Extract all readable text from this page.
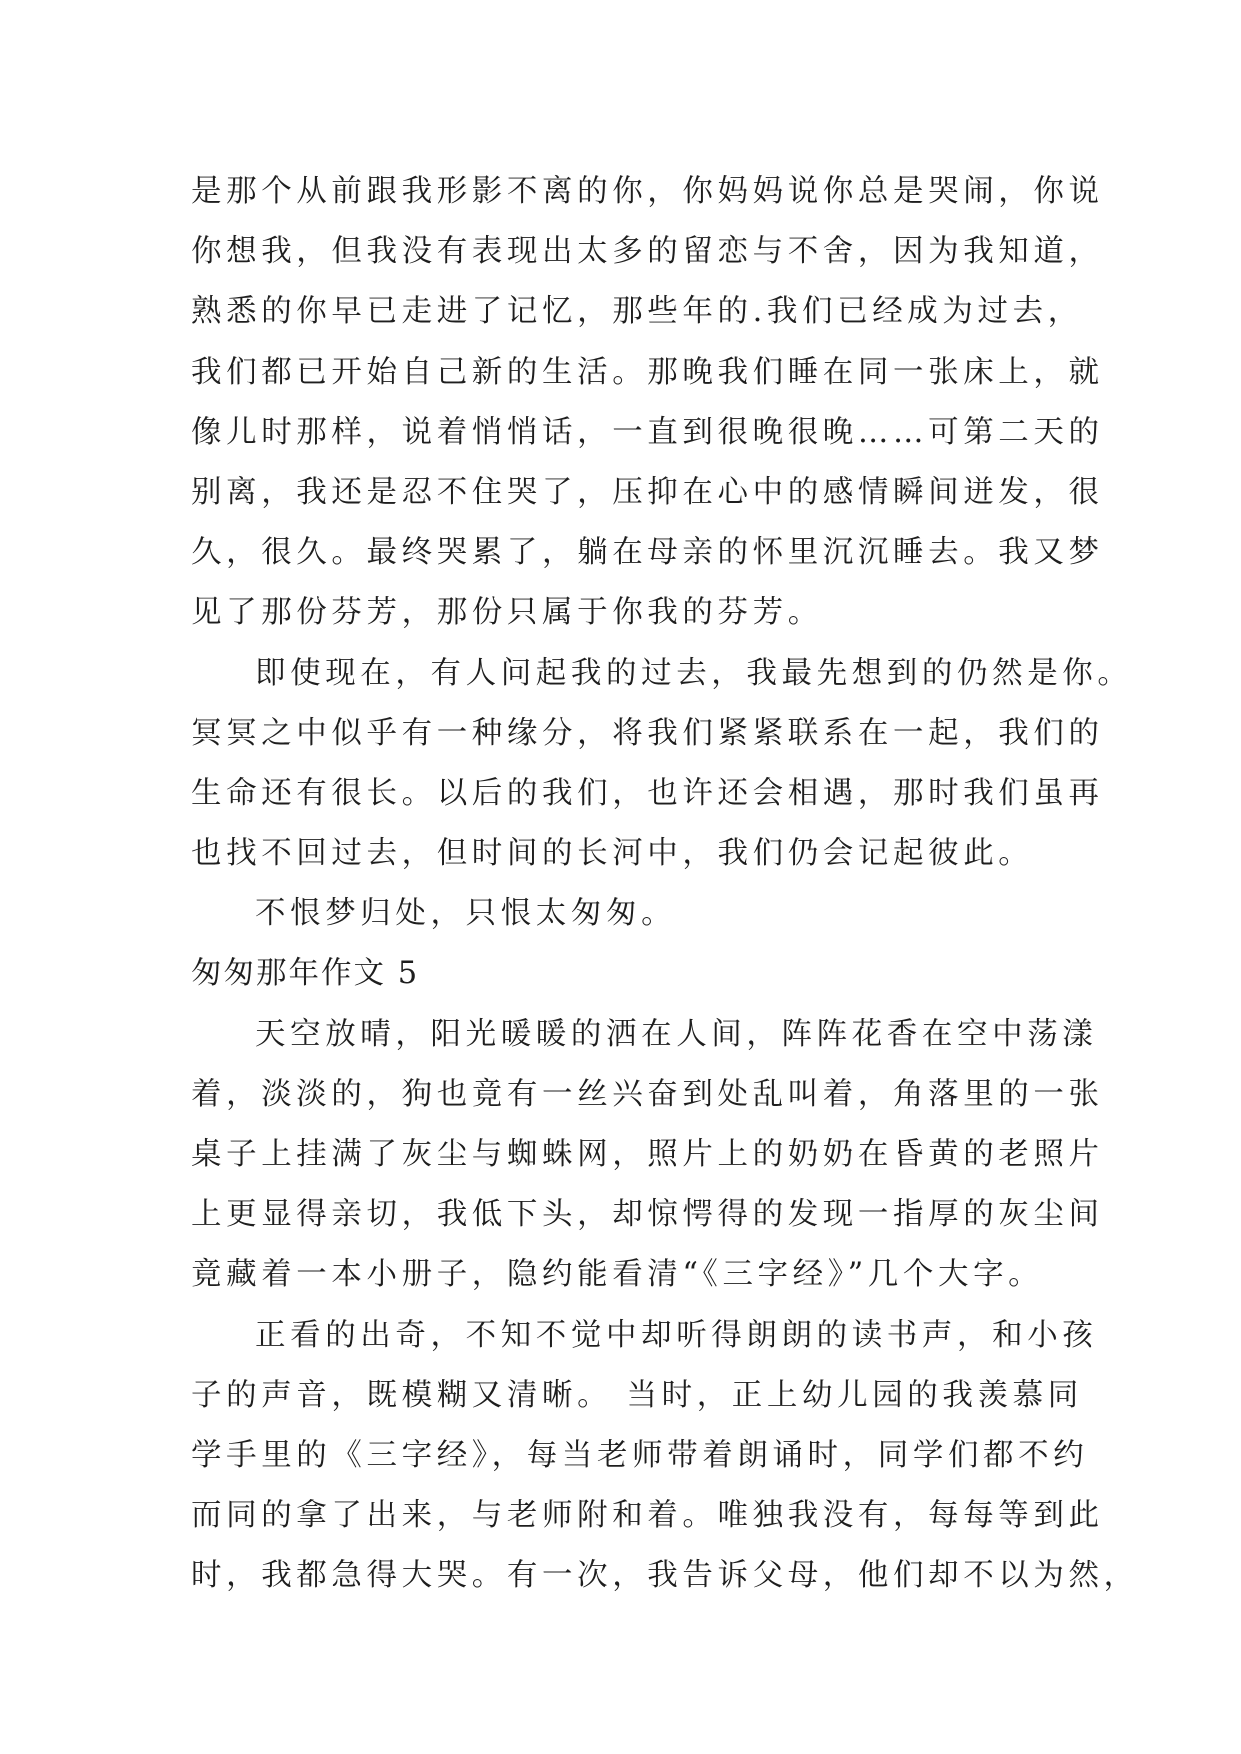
是那个从前跟我形影不离的你，你妈妈说你总是哭闹，你说
你想我，但我没有表现出太多的留恋与不舍，因为我知道，
熟悉的你早已走进了记忆，那些年的.我们已经成为过去，
我们都已开始自己新的生活。那晚我们睡在同一张床上，就
像儿时那样，说着悄悄话，一直到很晚很晚……可第二天的
别离，我还是忍不住哭了，压抑在心中的感情瞬间迸发，很
久，很久。最终哭累了，躺在母亲的怀里沉沉睡去。我又梦
见了那份芬芳，那份只属于你我的芬芳。
即使现在，有人问起我的过去，我最先想到的仍然是你。
冥冥之中似乎有一种缘分，将我们紧紧联系在一起，我们的
生命还有很长。以后的我们，也许还会相遇，那时我们虽再
也找不回过去，但时间的长河中，我们仍会记起彼此。
不恨梦归处，只恨太匆匆。
匆匆那年作文 5
天空放晴，阳光暖暖的洒在人间，阵阵花香在空中荡漾
着，淡淡的，狗也竟有一丝兴奋到处乱叫着，角落里的一张
桌子上挂满了灰尘与蜘蛛网，照片上的奶奶在昏黄的老照片
上更显得亲切，我低下头，却惊愕得的发现一指厚的灰尘间
竟藏着一本小册子，隐约能看清“《三字经》”几个大字。
正看的出奇，不知不觉中却听得朗朗的读书声，和小孩
子的声音，既模糊又清晰。 当时，正上幼儿园的我羡慕同
学手里的《三字经》，每当老师带着朗诵时，同学们都不约
而同的拿了出来，与老师附和着。唯独我没有，每每等到此
时，我都急得大哭。有一次，我告诉父母，他们却不以为然，
